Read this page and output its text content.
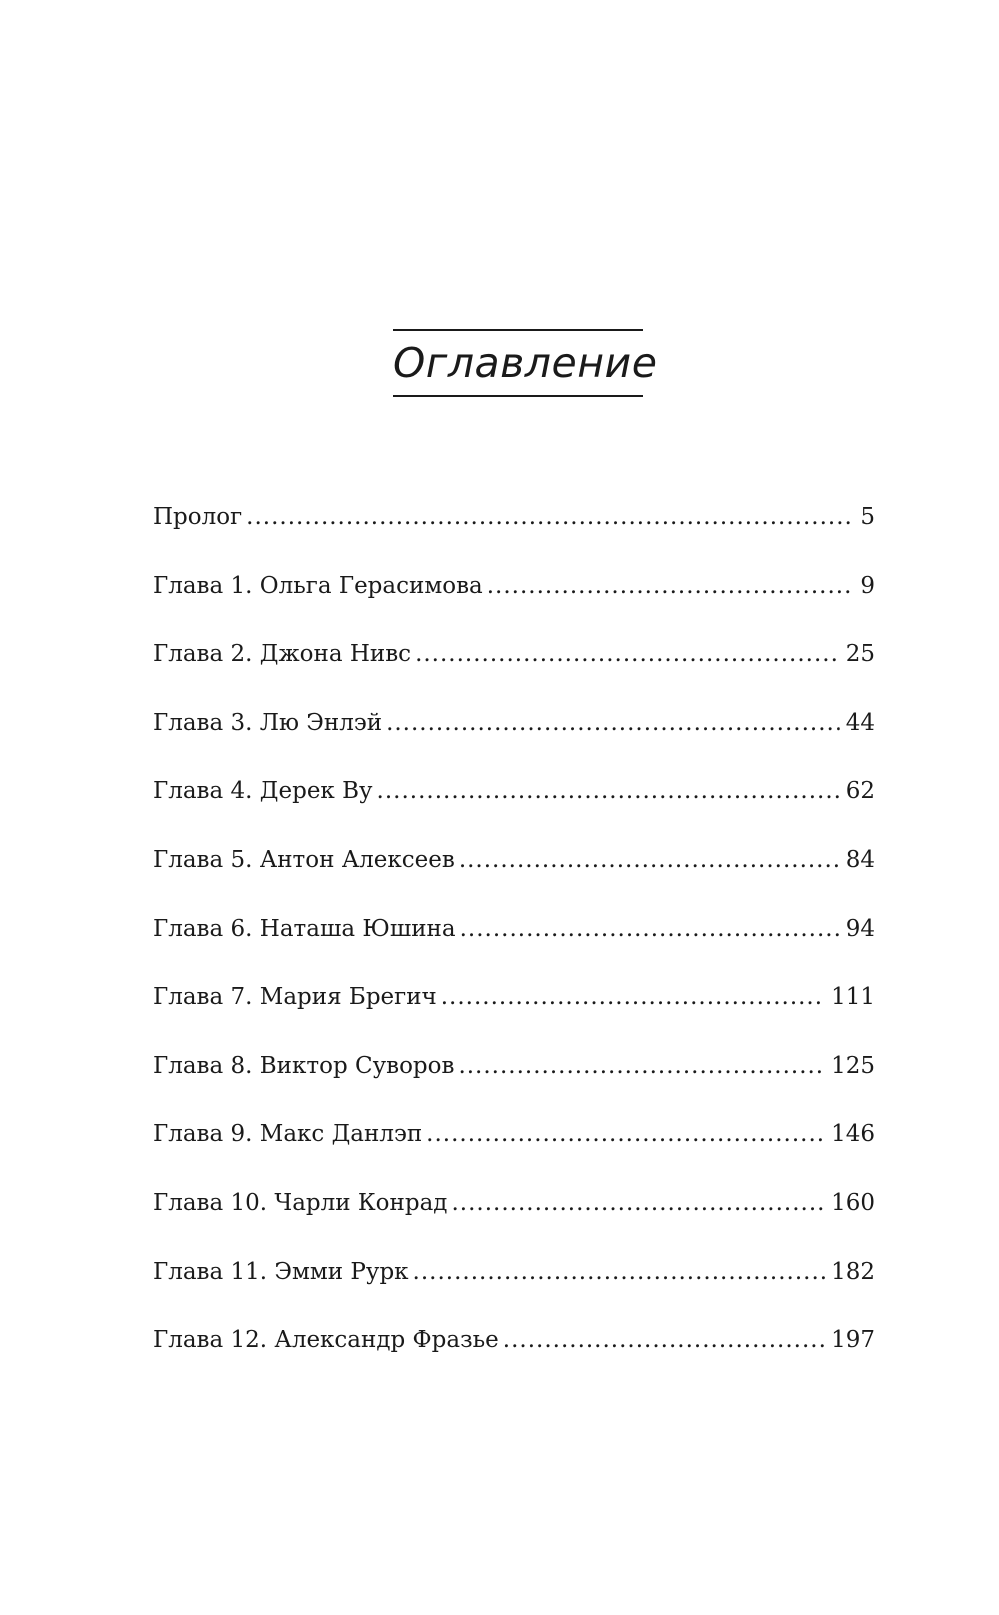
Оглавление
Пролог .....	5
Глава 1. Ольга Герасимова .....	9
Глава 2. Джона Нивс .....	25
Глава 3. Лю Энлэй .....	44
Глава 4. Дерек Ву .....	62
Глава 5. Антон Алексеев .....	84
Глава 6. Наташа Юшина .....	94
Глава 7. Мария Брегич .....	111
Глава 8. Виктор Суворов .....	125
Глава 9. Макс Данлэп .....	146
Глава 10. Чарли Конрад .....	160
Глава 11. Эмми Рурк .....	182
Глава 12. Александр Фразье .....	197
